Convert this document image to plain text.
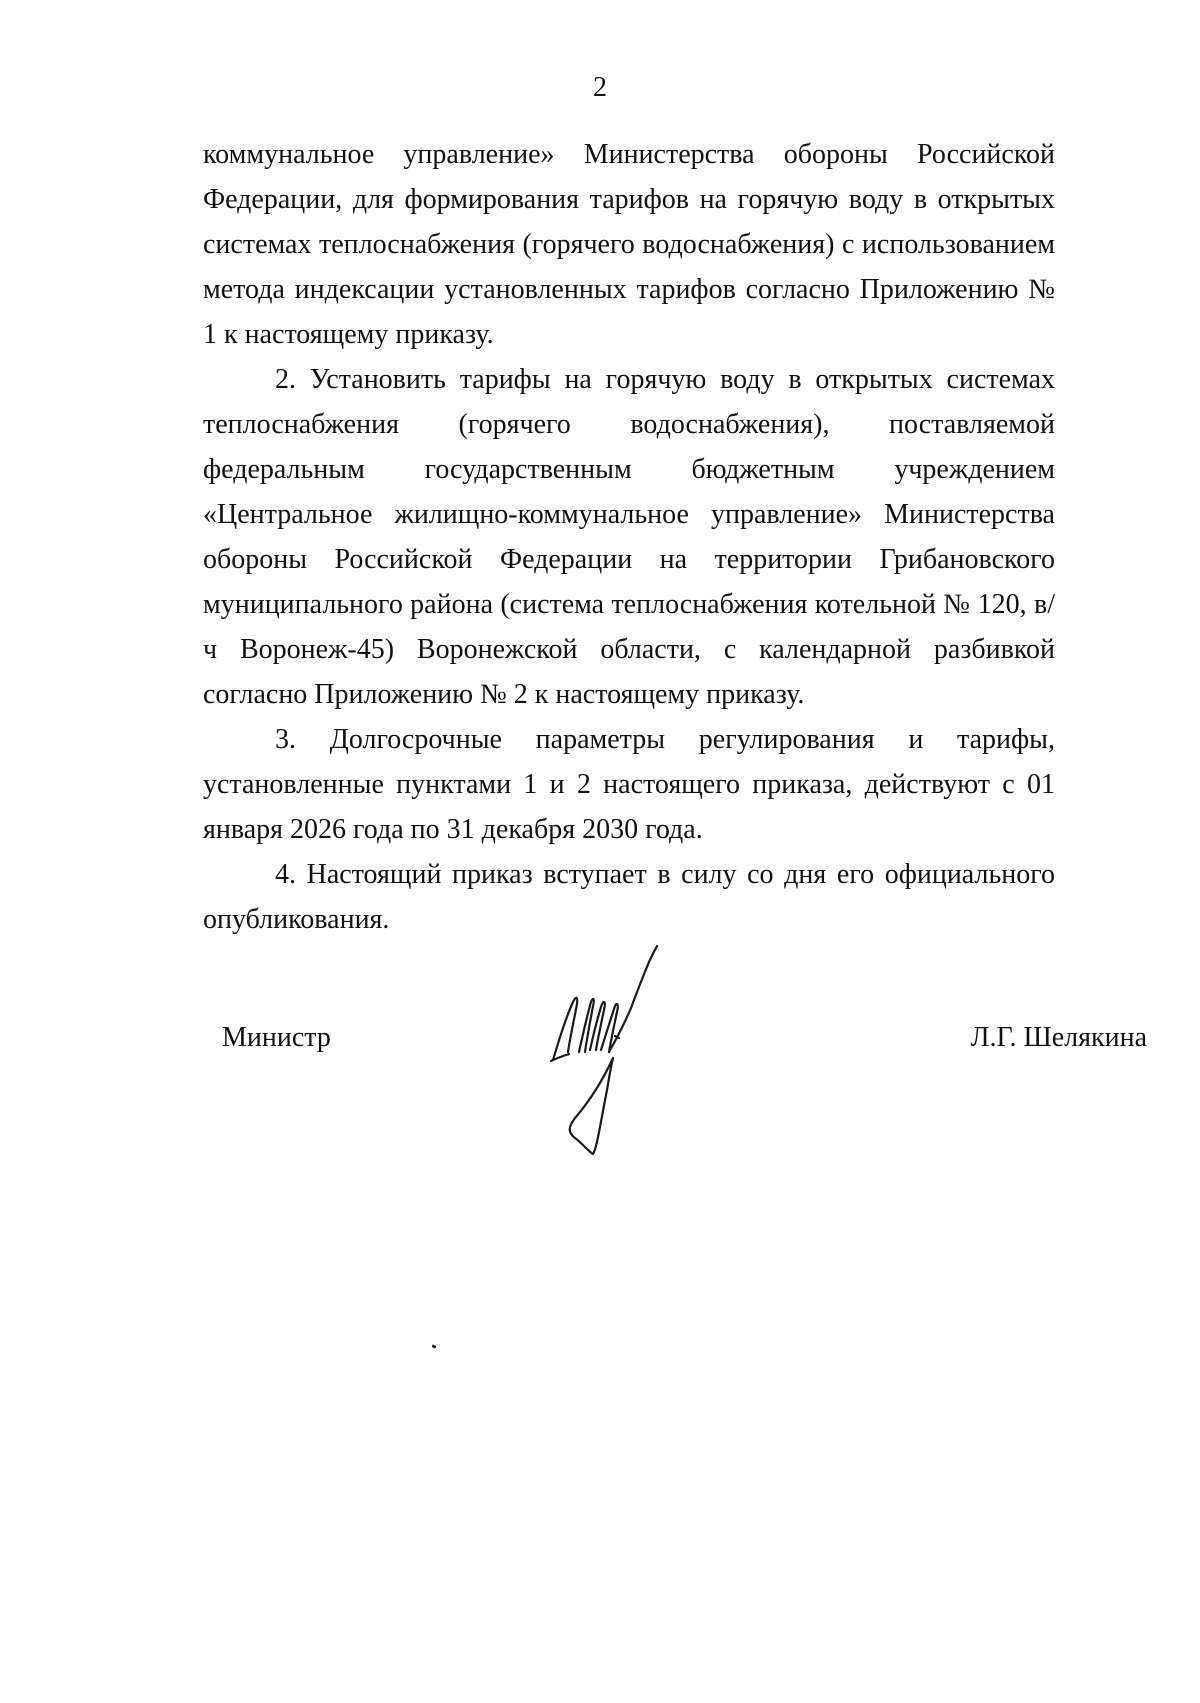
2

коммунальное управление» Министерства обороны Российской Федерации, для формирования тарифов на горячую воду в открытых системах теплоснабжения (горячего водоснабжения) с использованием метода индексации установленных тарифов согласно Приложению № 1 к настоящему приказу.

2. Установить тарифы на горячую воду в открытых системах теплоснабжения (горячего водоснабжения), поставляемой федеральным государственным бюджетным учреждением «Центральное жилищно-коммунальное управление» Министерства обороны Российской Федерации на территории Грибановского муниципального района (система теплоснабжения котельной № 120, в/ч Воронеж-45) Воронежской области, с календарной разбивкой согласно Приложению № 2 к настоящему приказу.

3. Долгосрочные параметры регулирования и тарифы, установленные пунктами 1 и 2 настоящего приказа, действуют с 01 января 2026 года по 31 декабря 2030 года.

4. Настоящий приказ вступает в силу со дня его официального опубликования.

Министр	Л.Г. Шелякина
